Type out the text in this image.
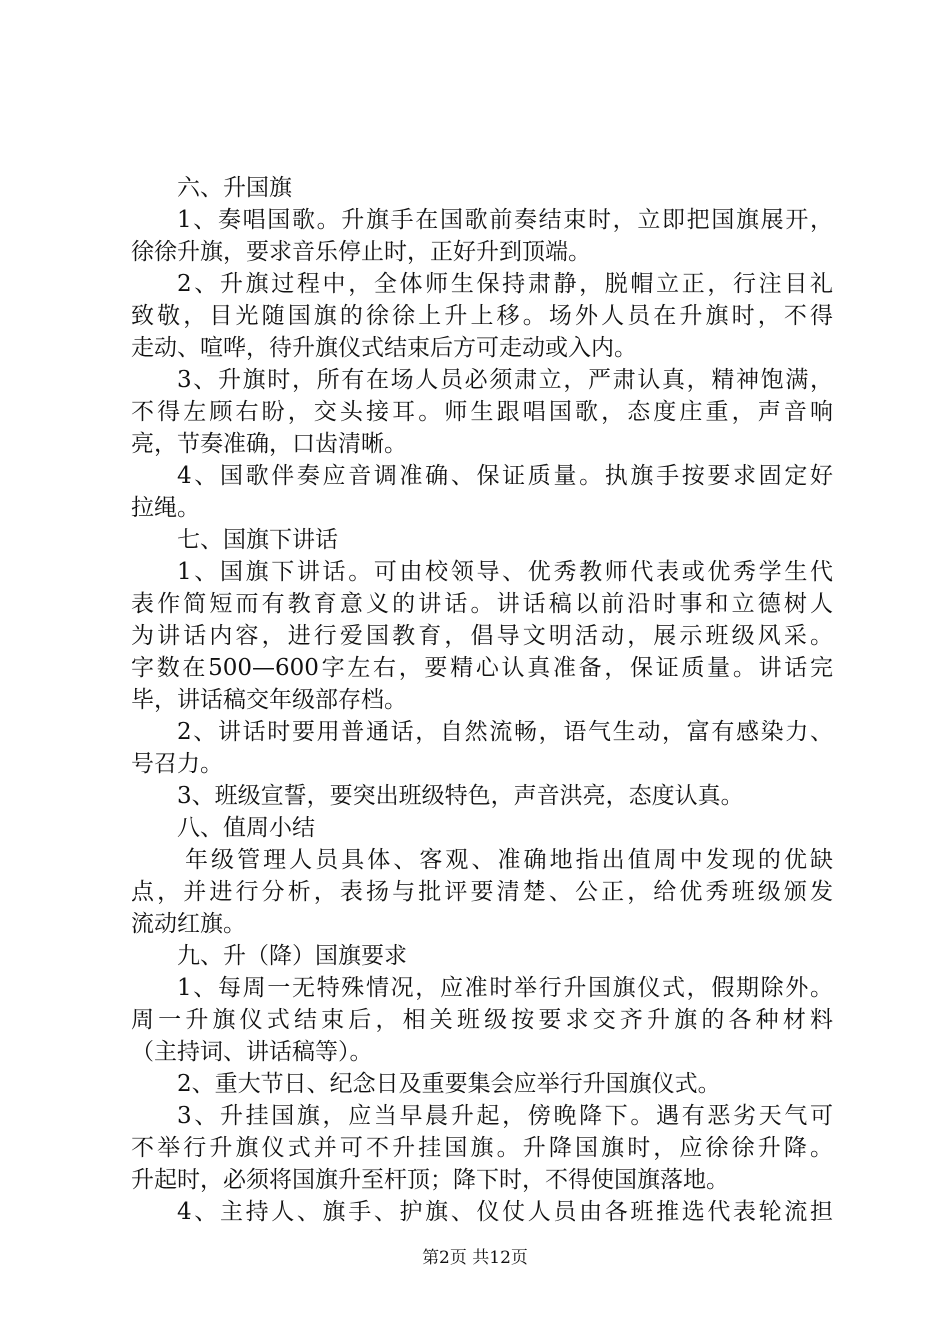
六、升国旗
1、奏唱国歌。升旗手在国歌前奏结束时，立即把国旗展开，
徐徐升旗，要求音乐停止时，正好升到顶端。
2、升旗过程中，全体师生保持肃静，脱帽立正，行注目礼
致敬，目光随国旗的徐徐上升上移。场外人员在升旗时，不得
走动、喧哗，待升旗仪式结束后方可走动或入内。
3、升旗时，所有在场人员必须肃立，严肃认真，精神饱满，
不得左顾右盼，交头接耳。师生跟唱国歌，态度庄重，声音响
亮，节奏准确，口齿清晰。
4、国歌伴奏应音调准确、保证质量。执旗手按要求固定好
拉绳。
七、国旗下讲话
1、国旗下讲话。可由校领导、优秀教师代表或优秀学生代
表作简短而有教育意义的讲话。讲话稿以前沿时事和立德树人
为讲话内容，进行爱国教育，倡导文明活动，展示班级风采。
字数在500—600字左右，要精心认真准备，保证质量。讲话完
毕，讲话稿交年级部存档。
2、讲话时要用普通话，自然流畅，语气生动，富有感染力、
号召力。
3、班级宣誓，要突出班级特色，声音洪亮，态度认真。
八、值周小结
年级管理人员具体、客观、准确地指出值周中发现的优缺
点，并进行分析，表扬与批评要清楚、公正，给优秀班级颁发
流动红旗。
九、升（降）国旗要求
1、每周一无特殊情况，应准时举行升国旗仪式，假期除外。
周一升旗仪式结束后，相关班级按要求交齐升旗的各种材料
（主持词、讲话稿等）。
2、重大节日、纪念日及重要集会应举行升国旗仪式。
3、升挂国旗，应当早晨升起，傍晚降下。遇有恶劣天气可
不举行升旗仪式并可不升挂国旗。升降国旗时，应徐徐升降。
升起时，必须将国旗升至杆顶；降下时，不得使国旗落地。
4、主持人、旗手、护旗、仪仗人员由各班推选代表轮流担
第2页 共12页
